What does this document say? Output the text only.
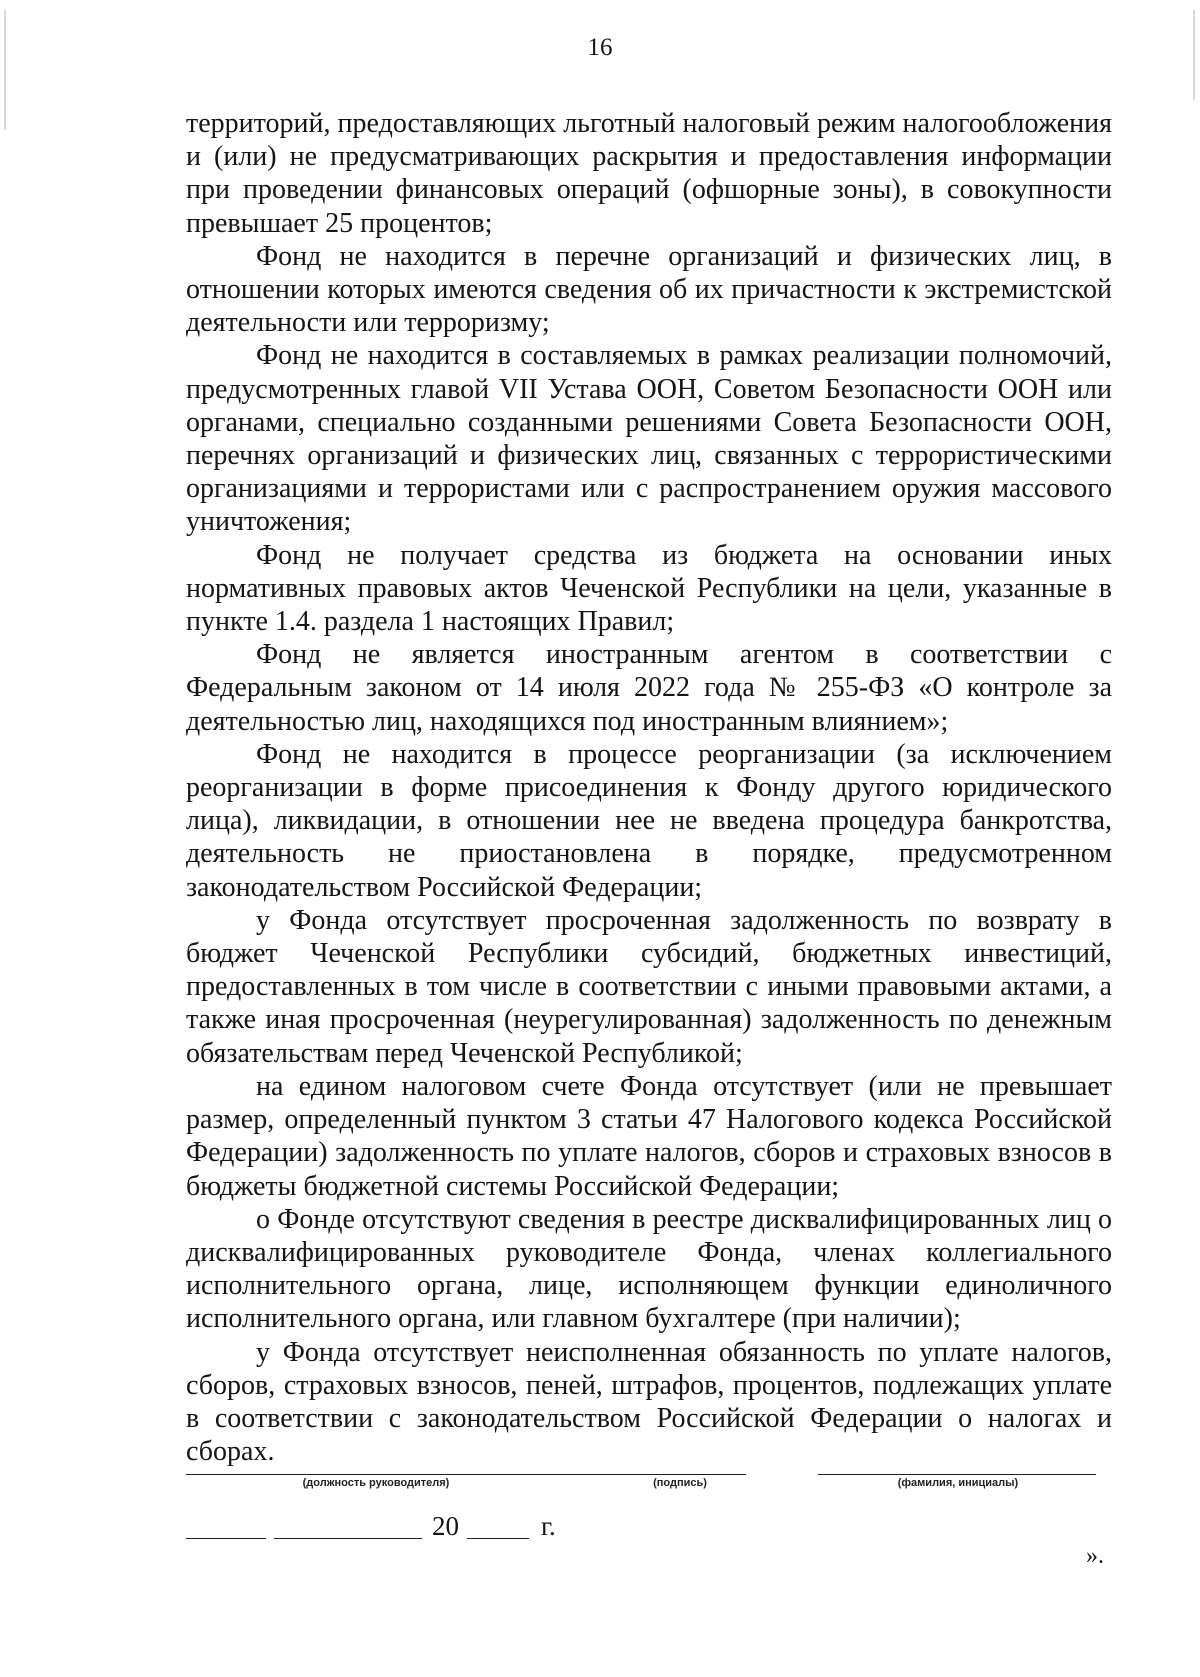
16

территорий, предоставляющих льготный налоговый режим налогообложения и (или) не предусматривающих раскрытия и предоставления информации при проведении финансовых операций (офшорные зоны), в совокупности превышает 25 процентов;

Фонд не находится в перечне организаций и физических лиц, в отношении которых имеются сведения об их причастности к экстремистской деятельности или терроризму;

Фонд не находится в составляемых в рамках реализации полномочий, предусмотренных главой VII Устава ООН, Советом Безопасности ООН или органами, специально созданными решениями Совета Безопасности ООН, перечнях организаций и физических лиц, связанных с террористическими организациями и террористами или с распространением оружия массового уничтожения;

Фонд не получает средства из бюджета на основании иных нормативных правовых актов Чеченской Республики на цели, указанные в пункте 1.4. раздела 1 настоящих Правил;

Фонд не является иностранным агентом в соответствии с Федеральным законом от 14 июля 2022 года № 255-ФЗ «О контроле за деятельностью лиц, находящихся под иностранным влиянием»;

Фонд не находится в процессе реорганизации (за исключением реорганизации в форме присоединения к Фонду другого юридического лица), ликвидации, в отношении нее не введена процедура банкротства, деятельность не приостановлена в порядке, предусмотренном законодательством Российской Федерации;

у Фонда отсутствует просроченная задолженность по возврату в бюджет Чеченской Республики субсидий, бюджетных инвестиций, предоставленных в том числе в соответствии с иными правовыми актами, а также иная просроченная (неурегулированная) задолженность по денежным обязательствам перед Чеченской Республикой;

на едином налоговом счете Фонда отсутствует (или не превышает размер, определенный пунктом 3 статьи 47 Налогового кодекса Российской Федерации) задолженность по уплате налогов, сборов и страховых взносов в бюджеты бюджетной системы Российской Федерации;

о Фонде отсутствуют сведения в реестре дисквалифицированных лиц о дисквалифицированных руководителе Фонда, членах коллегиального исполнительного органа, лице, исполняющем функции единоличного исполнительного органа, или главном бухгалтере (при наличии);

у Фонда отсутствует неисполненная обязанность по уплате налогов, сборов, страховых взносов, пеней, штрафов, процентов, подлежащих уплате в соответствии с законодательством Российской Федерации о налогах и сборах.

(должность руководителя)	(подпись)	(фамилия, инициалы)
20	г.
».
